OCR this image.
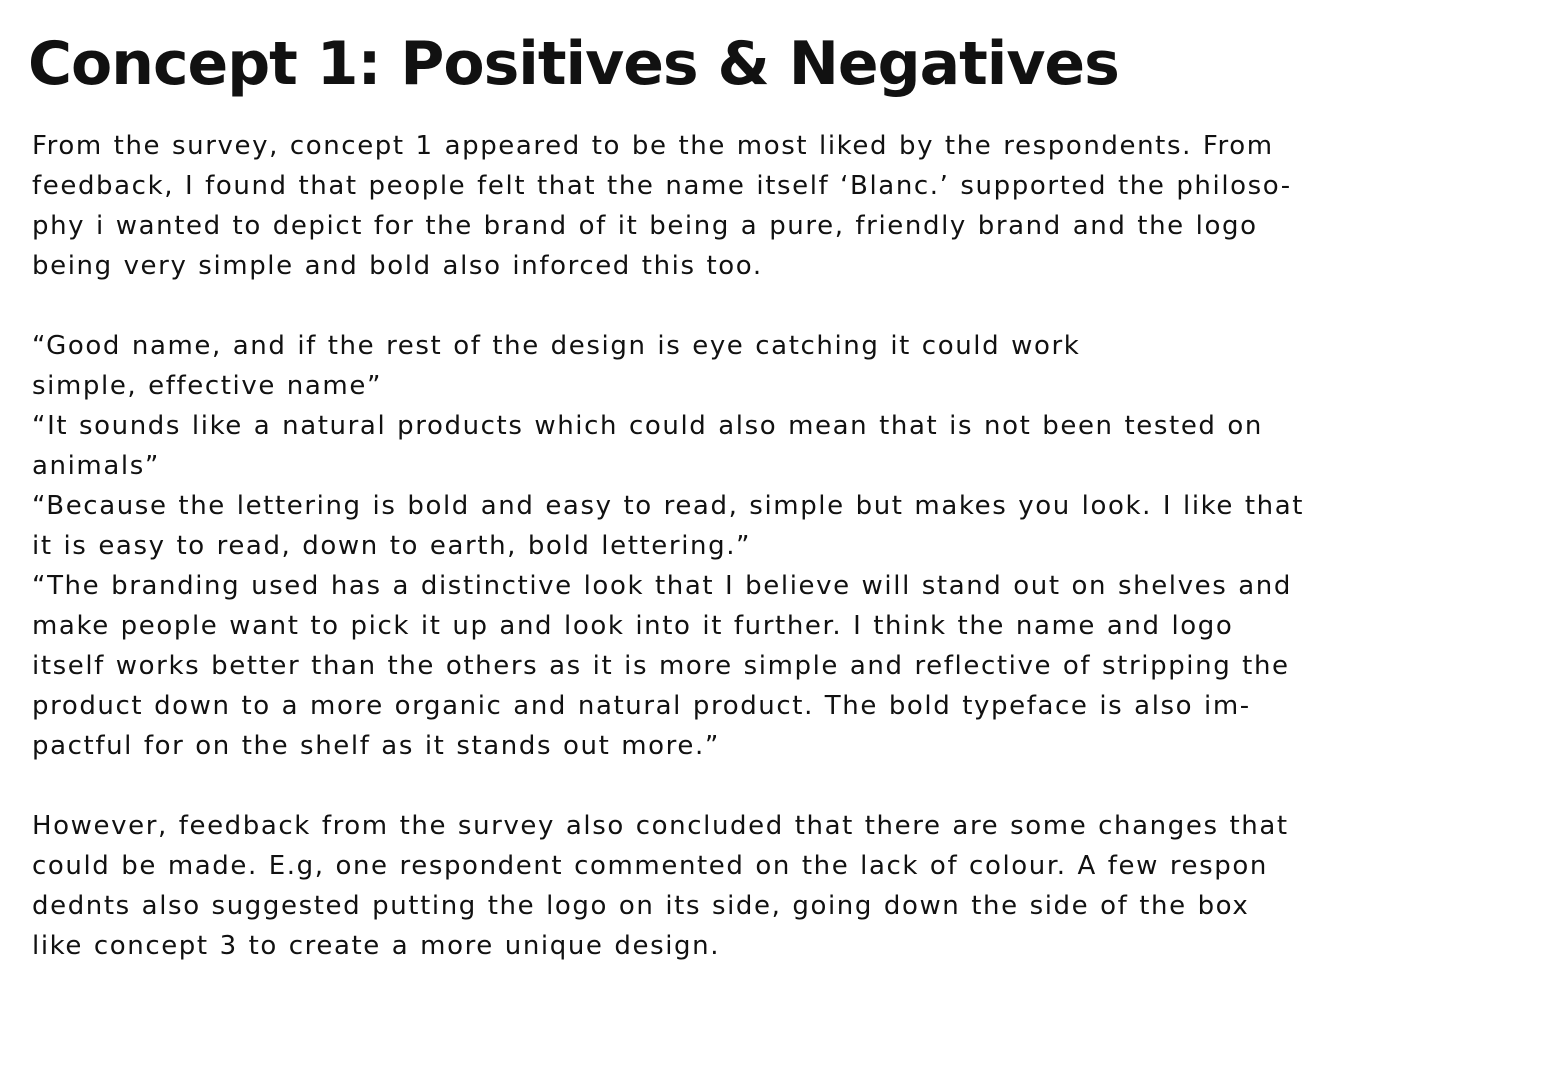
Concept 1: Positives & Negatives
From the survey, concept 1 appeared to be the most liked by the respondents. From
feedback, I found that people felt that the name itself ‘Blanc.’ supported the philoso-
phy i wanted to depict for the brand of it being a pure, friendly brand and the logo
being very simple and bold also inforced this too.
“Good name, and if the rest of the design is eye catching it could work
simple, effective name”
“It sounds like a natural products which could also mean that is not been tested on
animals”
“Because the lettering is bold and easy to read, simple but makes you look. I like that
it is easy to read, down to earth, bold lettering.”
“The branding used has a distinctive look that I believe will stand out on shelves and
make people want to pick it up and look into it further. I think the name and logo
itself works better than the others as it is more simple and reflective of stripping the
product down to a more organic and natural product. The bold typeface is also im-
pactful for on the shelf as it stands out more.”
However, feedback from the survey also concluded that there are some changes that
could be made. E.g, one respondent commented on the lack of colour. A few respon
dednts also suggested putting the logo on its side, going down the side of the box
like concept 3 to create a more unique design.
